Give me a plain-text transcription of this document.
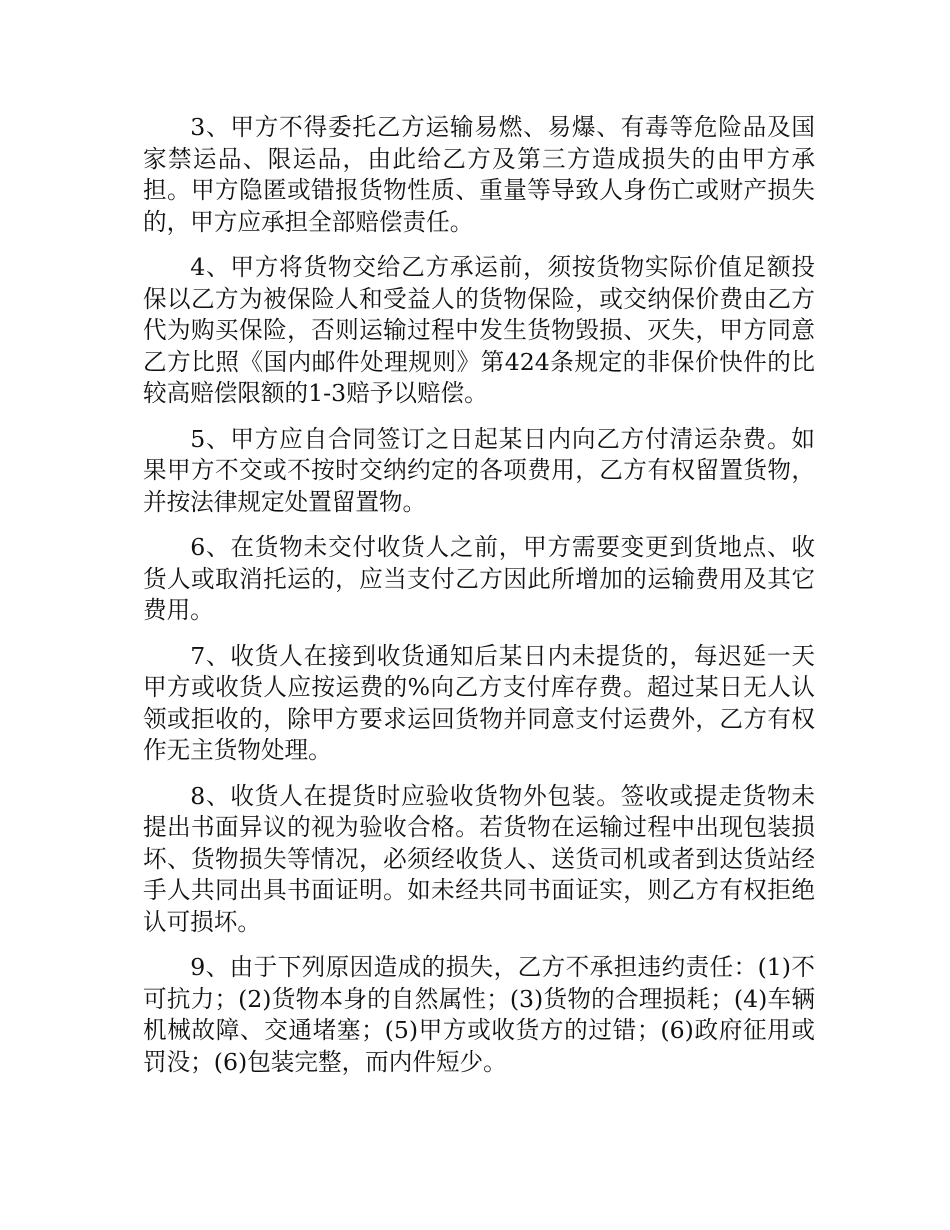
3、甲方不得委托乙方运输易燃、易爆、有毒等危险品及国家禁运品、限运品，由此给乙方及第三方造成损失的由甲方承担。甲方隐匿或错报货物性质、重量等导致人身伤亡或财产损失的，甲方应承担全部赔偿责任。

4、甲方将货物交给乙方承运前，须按货物实际价值足额投保以乙方为被保险人和受益人的货物保险，或交纳保价费由乙方代为购买保险，否则运输过程中发生货物毁损、灭失，甲方同意乙方比照《国内邮件处理规则》第424条规定的非保价快件的比较高赔偿限额的1-3赔予以赔偿。

5、甲方应自合同签订之日起某日内向乙方付清运杂费。如果甲方不交或不按时交纳约定的各项费用，乙方有权留置货物，并按法律规定处置留置物。

6、在货物未交付收货人之前，甲方需要变更到货地点、收货人或取消托运的，应当支付乙方因此所增加的运输费用及其它费用。

7、收货人在接到收货通知后某日内未提货的，每迟延一天甲方或收货人应按运费的%向乙方支付库存费。超过某日无人认领或拒收的，除甲方要求运回货物并同意支付运费外，乙方有权作无主货物处理。

8、收货人在提货时应验收货物外包装。签收或提走货物未提出书面异议的视为验收合格。若货物在运输过程中出现包装损坏、货物损失等情况，必须经收货人、送货司机或者到达货站经手人共同出具书面证明。如未经共同书面证实，则乙方有权拒绝认可损坏。

9、由于下列原因造成的损失，乙方不承担违约责任：(1)不可抗力；(2)货物本身的自然属性；(3)货物的合理损耗；(4)车辆机械故障、交通堵塞；(5)甲方或收货方的过错；(6)政府征用或罚没；(6)包装完整，而内件短少。
